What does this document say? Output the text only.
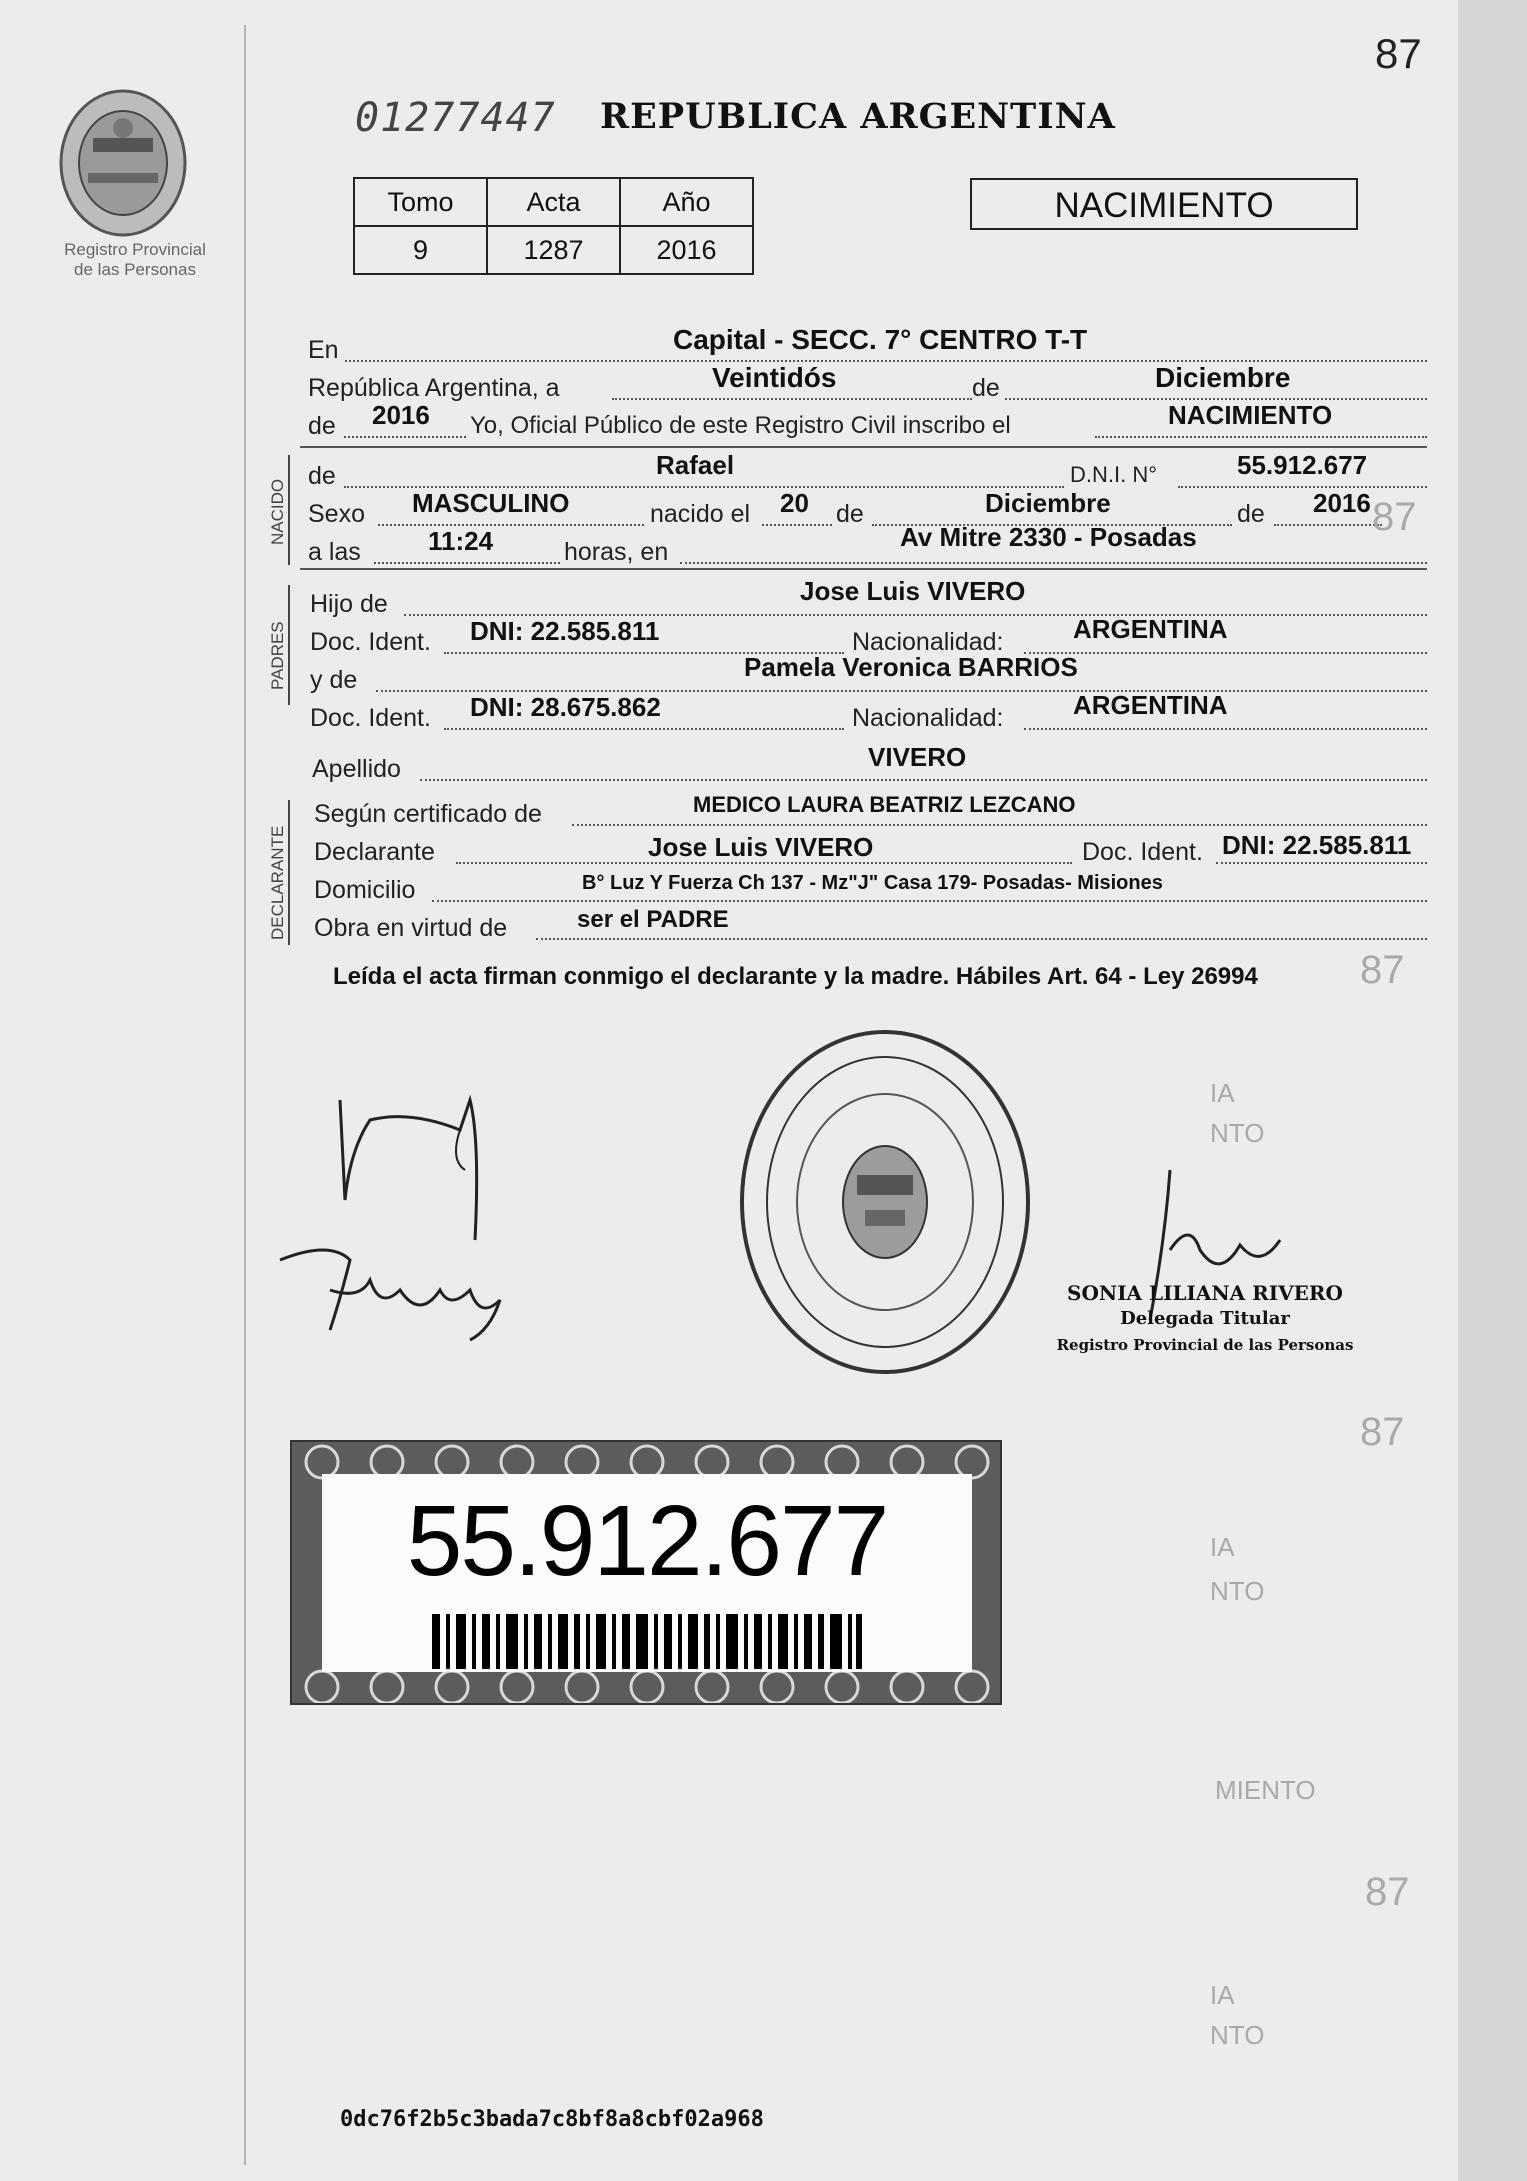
Registro Provincial
de las Personas
01277447 REPUBLICA ARGENTINA
87
Tomo	Acta	Año
9	1287	2016
NACIMIENTO
En	Capital - SECC. 7° CENTRO T-T
República Argentina, a	Veintidós	de	Diciembre
de 2016 Yo, Oficial Público de este Registro Civil inscribo el	NACIMIENTO
NACIDO
de	Rafael	D.N.I. N°	55.912.677
Sexo MASCULINO	nacido el 20 de	Diciembre	de 2016
a las	11:24	horas, en	Av Mitre 2330 - Posadas
PADRES
Hijo de	Jose Luis VIVERO
Doc. Ident. DNI: 22.585.811	Nacionalidad:	ARGENTINA
y de	Pamela Veronica BARRIOS
Doc. Ident. DNI: 28.675.862	Nacionalidad:	ARGENTINA
Apellido	VIVERO
DECLARANTE
Según certificado de	MEDICO LAURA BEATRIZ LEZCANO
Declarante	Jose Luis VIVERO	Doc. Ident. DNI: 22.585.811
Domicilio	B° Luz Y Fuerza Ch 137 - Mz"J" Casa 179- Posadas- Misiones
Obra en virtud de	ser el PADRE
Leída el acta firman conmigo el declarante y la madre. Hábiles Art. 64 - Ley 26994
SONIA LILIANA RIVERO
Delegada Titular
Registro Provincial de las Personas
IA
NTO
87
87
87
IA
NTO
MIENTO
87
IA
NTO
55.912.677
0dc76f2b5c3bada7c8bf8a8cbf02a968
